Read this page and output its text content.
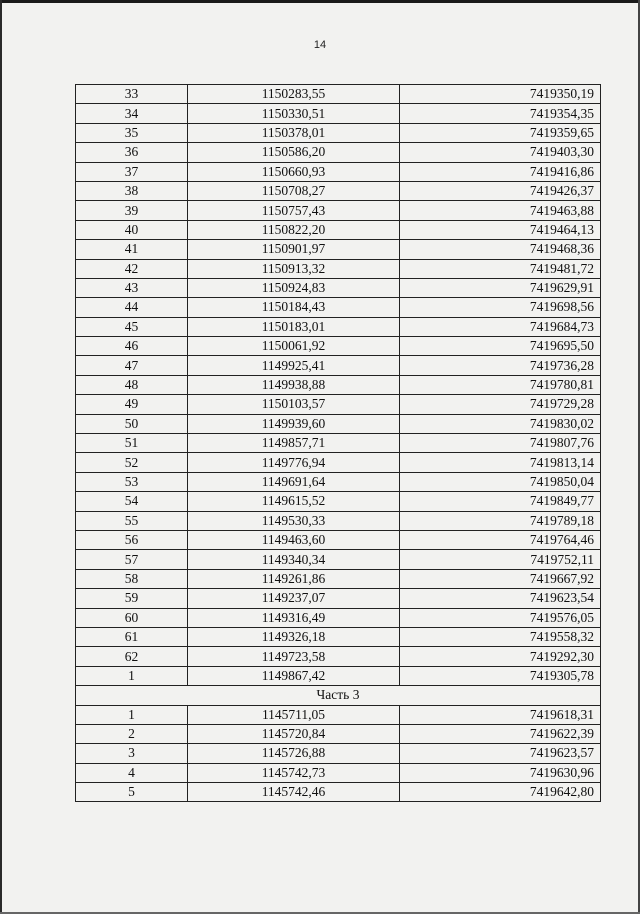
14
33	1150283,55	7419350,19
34	1150330,51	7419354,35
35	1150378,01	7419359,65
36	1150586,20	7419403,30
37	1150660,93	7419416,86
38	1150708,27	7419426,37
39	1150757,43	7419463,88
40	1150822,20	7419464,13
41	1150901,97	7419468,36
42	1150913,32	7419481,72
43	1150924,83	7419629,91
44	1150184,43	7419698,56
45	1150183,01	7419684,73
46	1150061,92	7419695,50
47	1149925,41	7419736,28
48	1149938,88	7419780,81
49	1150103,57	7419729,28
50	1149939,60	7419830,02
51	1149857,71	7419807,76
52	1149776,94	7419813,14
53	1149691,64	7419850,04
54	1149615,52	7419849,77
55	1149530,33	7419789,18
56	1149463,60	7419764,46
57	1149340,34	7419752,11
58	1149261,86	7419667,92
59	1149237,07	7419623,54
60	1149316,49	7419576,05
61	1149326,18	7419558,32
62	1149723,58	7419292,30
1	1149867,42	7419305,78
Часть 3		
1	1145711,05	7419618,31
2	1145720,84	7419622,39
3	1145726,88	7419623,57
4	1145742,73	7419630,96
5	1145742,46	7419642,80
